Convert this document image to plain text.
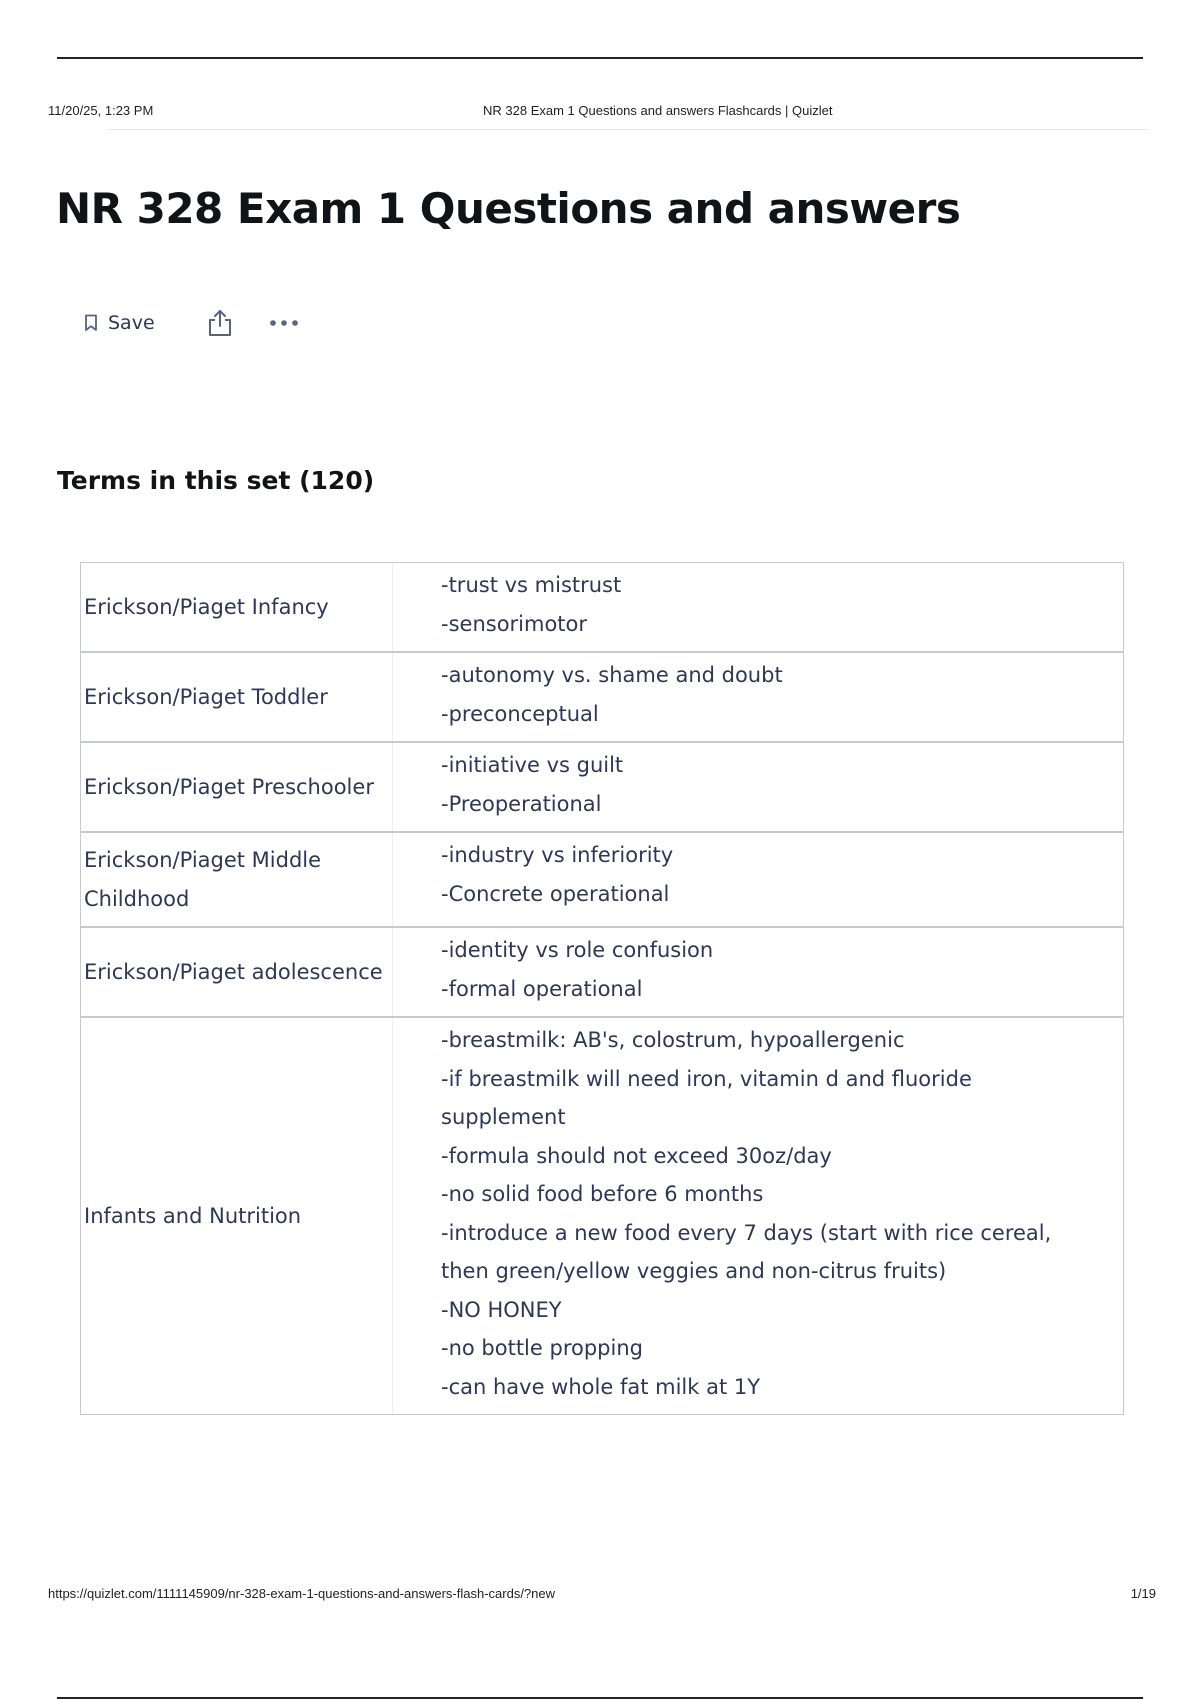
11/20/25, 1:23 PM	NR 328 Exam 1 Questions and answers Flashcards | Quizlet
NR 328 Exam 1 Questions and answers
Save
Terms in this set (120)
Erickson/Piaget Infancy
-trust vs mistrust
-sensorimotor
Erickson/Piaget Toddler
-autonomy vs. shame and doubt
-preconceptual
Erickson/Piaget Preschooler
-initiative vs guilt
-Preoperational
Erickson/Piaget Middle Childhood
-industry vs inferiority
-Concrete operational
Erickson/Piaget adolescence
-identity vs role confusion
-formal operational
Infants and Nutrition
-breastmilk: AB's, colostrum, hypoallergenic
-if breastmilk will need iron, vitamin d and fluoride supplement
-formula should not exceed 30oz/day
-no solid food before 6 months
-introduce a new food every 7 days (start with rice cereal, then green/yellow veggies and non-citrus fruits)
-NO HONEY
-no bottle propping
-can have whole fat milk at 1Y
https://quizlet.com/1111145909/nr-328-exam-1-questions-and-answers-flash-cards/?new	1/19
